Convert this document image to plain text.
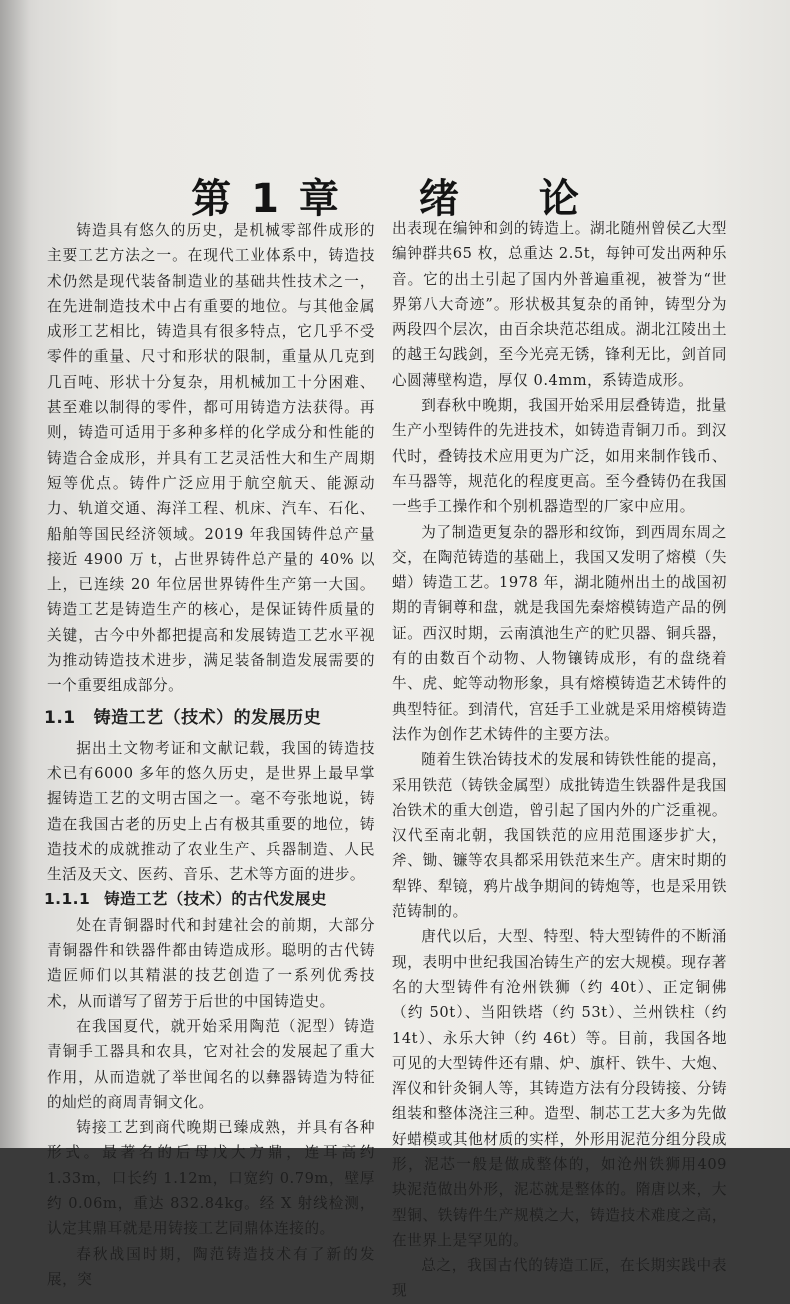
第1章　绪　论

铸造具有悠久的历史，是机械零部件成形的主要工艺方法之一。在现代工业体系中，铸造技术仍然是现代装备制造业的基础共性技术之一，在先进制造技术中占有重要的地位。与其他金属成形工艺相比，铸造具有很多特点，它几乎不受零件的重量、尺寸和形状的限制，重量从几克到几百吨、形状十分复杂，用机械加工十分困难、甚至难以制得的零件，都可用铸造方法获得。再则，铸造可适用于多种多样的化学成分和性能的铸造合金成形，并具有工艺灵活性大和生产周期短等优点。铸件广泛应用于航空航天、能源动力、轨道交通、海洋工程、机床、汽车、石化、船舶等国民经济领域。2019 年我国铸件总产量接近 4900 万 t，占世界铸件总产量的 40% 以上，已连续 20 年位居世界铸件生产第一大国。铸造工艺是铸造生产的核心，是保证铸件质量的关键，古今中外都把提高和发展铸造工艺水平视为推动铸造技术进步，满足装备制造发展需要的一个重要组成部分。

1.1 铸造工艺（技术）的发展历史

据出土文物考证和文献记载，我国的铸造技术已有6000 多年的悠久历史，是世界上最早掌握铸造工艺的文明古国之一。毫不夸张地说，铸造在我国古老的历史上占有极其重要的地位，铸造技术的成就推动了农业生产、兵器制造、人民生活及天文、医药、音乐、艺术等方面的进步。

1.1.1 铸造工艺（技术）的古代发展史

处在青铜器时代和封建社会的前期，大部分青铜器件和铁器件都由铸造成形。聪明的古代铸造匠师们以其精湛的技艺创造了一系列优秀技术，从而谱写了留芳于后世的中国铸造史。

在我国夏代，就开始采用陶范（泥型）铸造青铜手工器具和农具，它对社会的发展起了重大作用，从而造就了举世闻名的以彝器铸造为特征的灿烂的商周青铜文化。

铸接工艺到商代晚期已臻成熟，并具有各种形式。最著名的后母戊大方鼎，连耳高约 1.33m，口长约 1.12m，口宽约 0.79m，壁厚约 0.06m，重达 832.84kg。经 X 射线检测，认定其鼎耳就是用铸接工艺同鼎体连接的。

春秋战国时期，陶范铸造技术有了新的发展，突

出表现在编钟和剑的铸造上。湖北随州曾侯乙大型编钟群共65 枚，总重达 2.5t，每钟可发出两种乐音。它的出土引起了国内外普遍重视，被誉为“世界第八大奇迹”。形状极其复杂的甬钟，铸型分为两段四个层次，由百余块范芯组成。湖北江陵出土的越王勾践剑，至今光亮无锈，锋利无比，剑首同心圆薄壁构造，厚仅 0.4mm，系铸造成形。

到春秋中晚期，我国开始采用层叠铸造，批量生产小型铸件的先进技术，如铸造青铜刀币。到汉代时，叠铸技术应用更为广泛，如用来制作钱币、车马器等，规范化的程度更高。至今叠铸仍在我国一些手工操作和个别机器造型的厂家中应用。

为了制造更复杂的器形和纹饰，到西周东周之交，在陶范铸造的基础上，我国又发明了熔模（失蜡）铸造工艺。1978 年，湖北随州出土的战国初期的青铜尊和盘，就是我国先秦熔模铸造产品的例证。西汉时期，云南滇池生产的贮贝器、铜兵器，有的由数百个动物、人物镶铸成形，有的盘绕着牛、虎、蛇等动物形象，具有熔模铸造艺术铸件的典型特征。到清代，宫廷手工业就是采用熔模铸造法作为创作艺术铸件的主要方法。

随着生铁冶铸技术的发展和铸铁性能的提高，采用铁范（铸铁金属型）成批铸造生铁器件是我国冶铁术的重大创造，曾引起了国内外的广泛重视。汉代至南北朝，我国铁范的应用范围逐步扩大，斧、锄、镰等农具都采用铁范来生产。唐宋时期的犁铧、犁镜，鸦片战争期间的铸炮等，也是采用铁范铸制的。

唐代以后，大型、特型、特大型铸件的不断涌现，表明中世纪我国冶铸生产的宏大规模。现存著名的大型铸件有沧州铁狮（约 40t）、正定铜佛（约 50t）、当阳铁塔（约 53t）、兰州铁柱（约 14t）、永乐大钟（约 46t）等。目前，我国各地可见的大型铸件还有鼎、炉、旗杆、铁牛、大炮、浑仪和针灸铜人等，其铸造方法有分段铸接、分铸组装和整体浇注三种。造型、制芯工艺大多为先做好蜡模或其他材质的实样，外形用泥范分组分段成形，泥芯一般是做成整体的，如沧州铁狮用409 块泥范做出外形，泥芯就是整体的。隋唐以来，大型铜、铁铸件生产规模之大，铸造技术难度之高，在世界上是罕见的。

总之，我国古代的铸造工匠，在长期实践中表现
